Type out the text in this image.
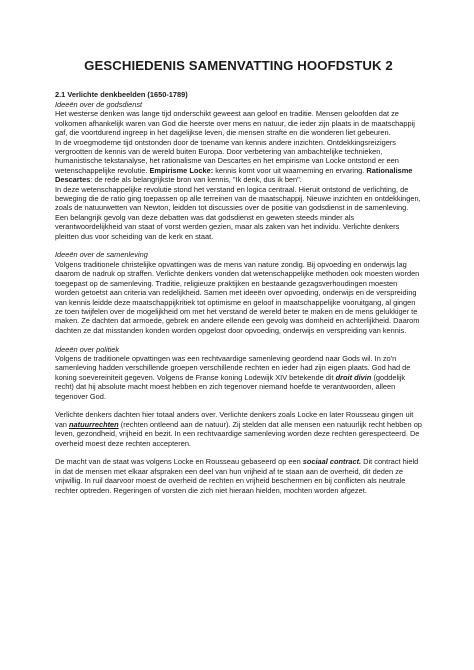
GESCHIEDENIS SAMENVATTING HOOFDSTUK 2
2.1 Verlichte denkbeelden (1650-1789)
Ideeën over de godsdienst

Het westerse denken was lange tijd onderschikt geweest aan geloof en traditie. Mensen geloofden dat ze volkomen afhankelijk waren van God die heerste over mens en natuur, die ieder zijn plaats in de maatschappij gaf, die voortdurend ingreep in het dagelijkse leven, die mensen strafte en die wonderen liet gebeuren.

In de vroegmoderne tijd ontstonden door de toename van kennis andere inzichten. Ontdekkingsreizigers vergrootten de kennis van de wereld buiten Europa. Door verbetering van ambachtelijke technieken, humanistische tekstanalyse, het rationalisme van Descartes en het empirisme van Locke ontstond er een wetenschappelijke revolutie. Empirisme Locke: kennis komt voor uit waarneming en ervaring. Rationalisme Descartes: de rede als belangrijkste bron van kennis, "Ik denk, dus ik ben".

In deze wetenschappelijke revolutie stond het verstand en logica centraal. Hieruit ontstond de verlichting, de beweging die de ratio ging toepassen op alle terreinen van de maatschappij. Nieuwe inzichten en ontdekkingen, zoals de natuurwetten van Newton, leidden tot discussies over de positie van godsdienst in de samenleving. Een belangrijk gevolg van deze debatten was dat godsdienst en geweten steeds minder als verantwoordelijkheid van staat of vorst werden gezien, maar als zaken van het individu. Verlichte denkers pleitten dus voor scheiding van de kerk en staat.

Ideeën over de samenleving

Volgens traditionele christelijke opvattingen was de mens van nature zondig. Bij opvoeding en onderwijs lag daarom de nadruk op straffen. Verlichte denkers vonden dat wetenschappelijke methoden ook moesten worden toegepast op de samenleving. Traditie, religieuze praktijken en bestaande gezagsverhoudingen moesten worden getoetst aan criteria van redelijkheid. Samen met ideeën over opvoeding, onderwijs en de verspreiding van kennis leidde deze maatschappijkritiek tot optimisme en geloof in maatschappelijke vooruitgang, al gingen ze toen twijfelen over de mogelijkheid om met het verstand de wereld beter te maken en de mens gelukkiger te maken. Ze dachten dat armoede, gebrek en andere ellende een gevolg was domheid en achterlijkheid. Daarom dachten ze dat misstanden konden worden opgelost door opvoeding, onderwijs en verspreiding van kennis.

Ideeën over politiek

Volgens de traditionele opvattingen was een rechtvaardige samenleving geordend naar Gods wil. In zo'n samenleving hadden verschillende groepen verschillende rechten en ieder had zijn eigen plaats. God had de koning soevereiniteit gegeven. Volgens de Franse koning Lodewijk XIV betekende dit droit divin (goddelijk recht) dat hij absolute macht moest hebben en zich tegenover niemand hoefde te verantwoorden, alleen tegenover God.

Verlichte denkers dachten hier totaal anders over. Verlichte denkers zoals Locke en later Rousseau gingen uit van natuurrechten (rechten ontleend aan de natuur). Zij stelden dat alle mensen een natuurlijk recht hebben op leven, gezondheid, vrijheid en bezit. In een rechtvaardige samenleving worden deze rechten gerespecteerd. De overheid moest deze rechten accepteren.

De macht van de staat was volgens Locke en Rousseau gebaseerd op een sociaal contract. Dit contract hield in dat de mensen met elkaar afspraken een deel van hun vrijheid af te staan aan de overheid, dit deden ze vrijwillig. In ruil daarvoor moest de overheid de rechten en vrijheid beschermen en bij conflicten als neutrale rechter optreden. Regeringen of vorsten die zich niet hieraan hielden, mochten worden afgezet.
